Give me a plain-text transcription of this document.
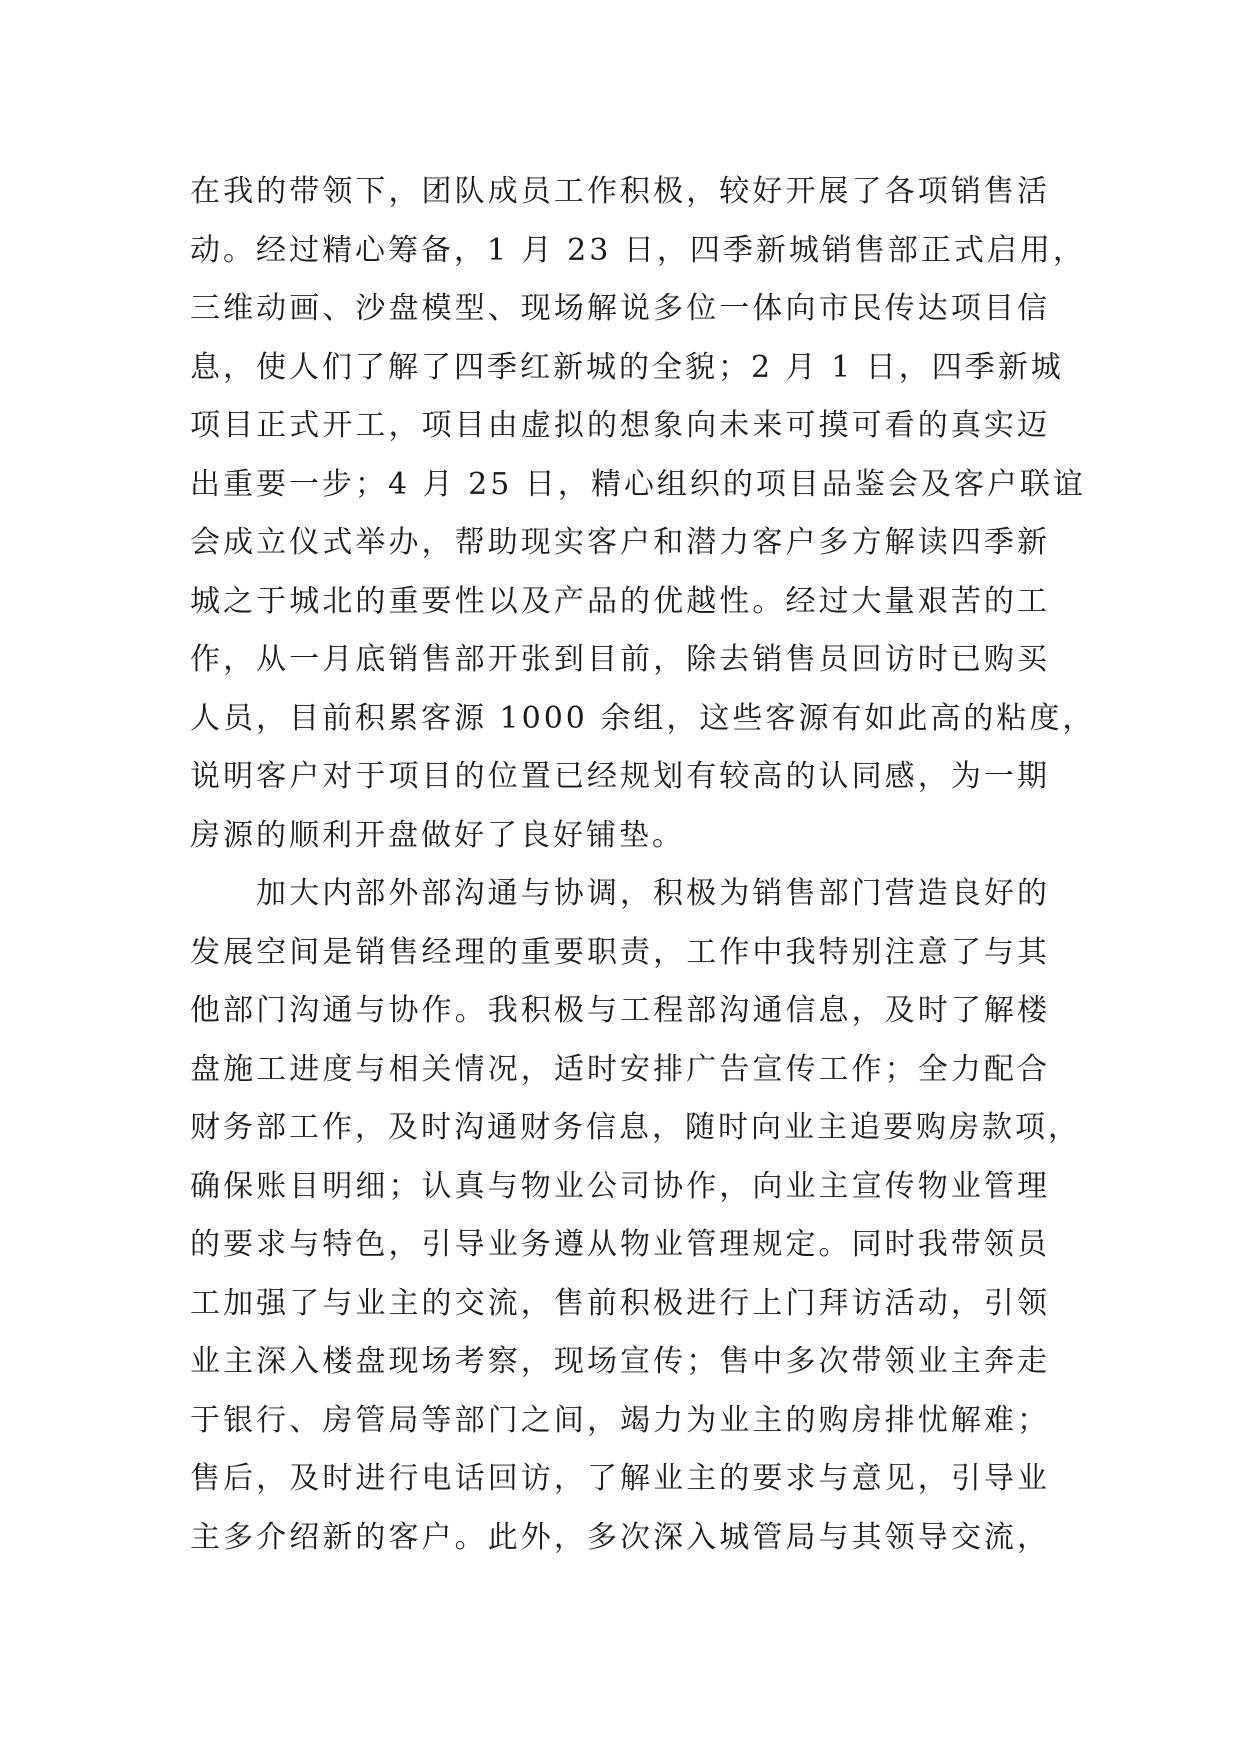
在我的带领下，团队成员工作积极，较好开展了各项销售活
动。经过精心筹备，1 月 23 日，四季新城销售部正式启用，
三维动画、沙盘模型、现场解说多位一体向市民传达项目信
息，使人们了解了四季红新城的全貌；2 月 1 日，四季新城
项目正式开工，项目由虚拟的想象向未来可摸可看的真实迈
出重要一步；4 月 25 日，精心组织的项目品鉴会及客户联谊
会成立仪式举办，帮助现实客户和潜力客户多方解读四季新
城之于城北的重要性以及产品的优越性。经过大量艰苦的工
作，从一月底销售部开张到目前，除去销售员回访时已购买
人员，目前积累客源 1000 余组，这些客源有如此高的粘度，
说明客户对于项目的位置已经规划有较高的认同感，为一期
房源的顺利开盘做好了良好铺垫。
加大内部外部沟通与协调，积极为销售部门营造良好的
发展空间是销售经理的重要职责，工作中我特别注意了与其
他部门沟通与协作。我积极与工程部沟通信息，及时了解楼
盘施工进度与相关情况，适时安排广告宣传工作；全力配合
财务部工作，及时沟通财务信息，随时向业主追要购房款项，
确保账目明细；认真与物业公司协作，向业主宣传物业管理
的要求与特色，引导业务遵从物业管理规定。同时我带领员
工加强了与业主的交流，售前积极进行上门拜访活动，引领
业主深入楼盘现场考察，现场宣传；售中多次带领业主奔走
于银行、房管局等部门之间，竭力为业主的购房排忧解难；
售后，及时进行电话回访，了解业主的要求与意见，引导业
主多介绍新的客户。此外，多次深入城管局与其领导交流，
